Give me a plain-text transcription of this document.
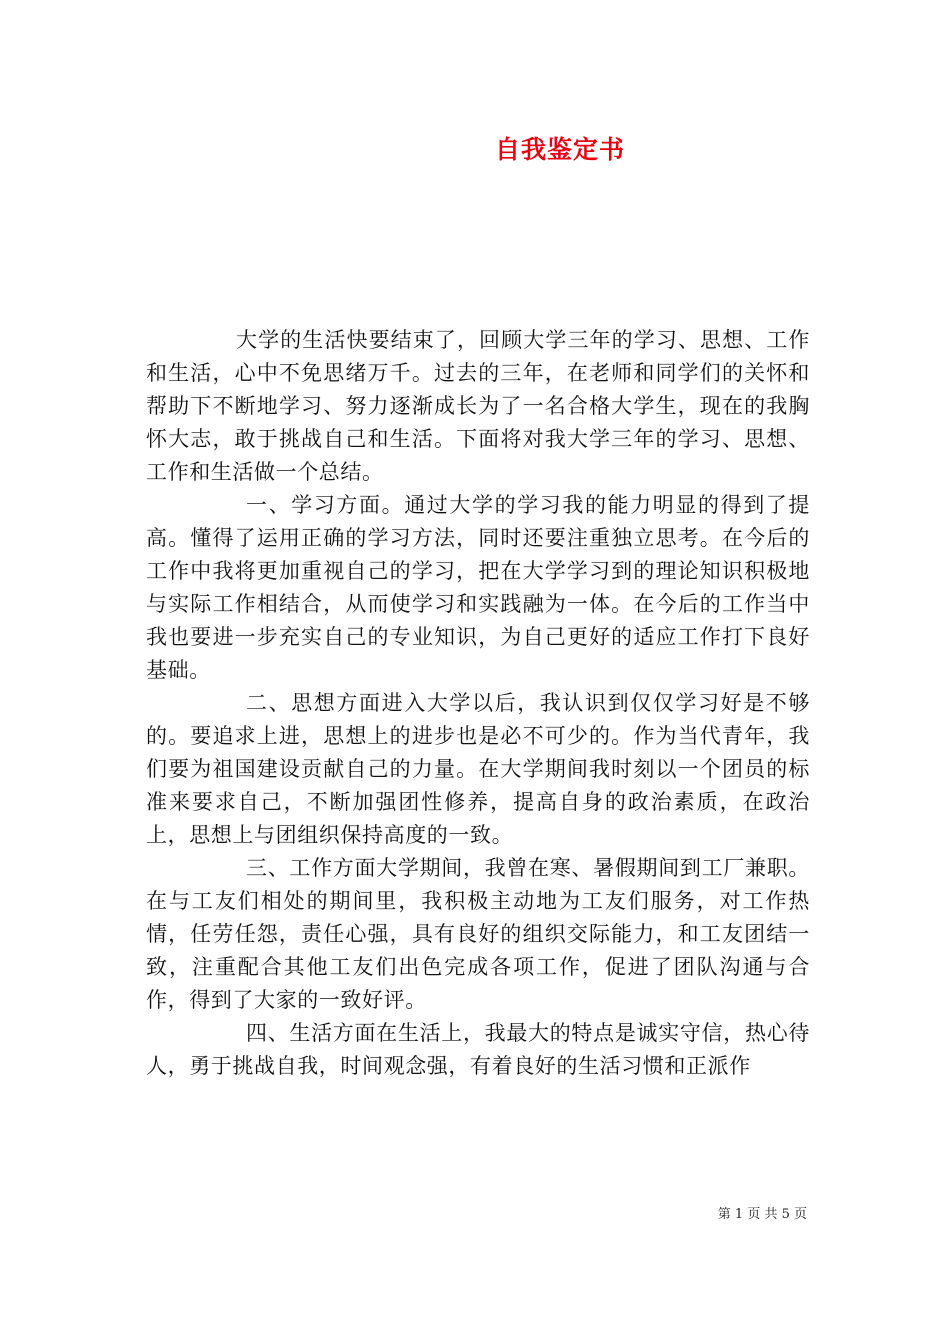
自我鉴定书

大学的生活快要结束了，回顾大学三年的学习、思想、工作和生活，心中不免思绪万千。过去的三年，在老师和同学们的关怀和帮助下不断地学习、努力逐渐成长为了一名合格大学生，现在的我胸怀大志，敢于挑战自己和生活。下面将对我大学三年的学习、思想、工作和生活做一个总结。

一、学习方面。通过大学的学习我的能力明显的得到了提高。懂得了运用正确的学习方法，同时还要注重独立思考。在今后的工作中我将更加重视自己的学习，把在大学学习到的理论知识积极地与实际工作相结合，从而使学习和实践融为一体。在今后的工作当中我也要进一步充实自己的专业知识，为自己更好的适应工作打下良好基础。

二、思想方面进入大学以后，我认识到仅仅学习好是不够的。要追求上进，思想上的进步也是必不可少的。作为当代青年，我们要为祖国建设贡献自己的力量。在大学期间我时刻以一个团员的标准来要求自己，不断加强团性修养，提高自身的政治素质，在政治上，思想上与团组织保持高度的一致。

三、工作方面大学期间，我曾在寒、暑假期间到工厂兼职。在与工友们相处的期间里，我积极主动地为工友们服务，对工作热情，任劳任怨，责任心强，具有良好的组织交际能力，和工友团结一致，注重配合其他工友们出色完成各项工作，促进了团队沟通与合作，得到了大家的一致好评。

四、生活方面在生活上，我最大的特点是诚实守信，热心待人，勇于挑战自我，时间观念强，有着良好的生活习惯和正派作

第 1 页 共 5 页
